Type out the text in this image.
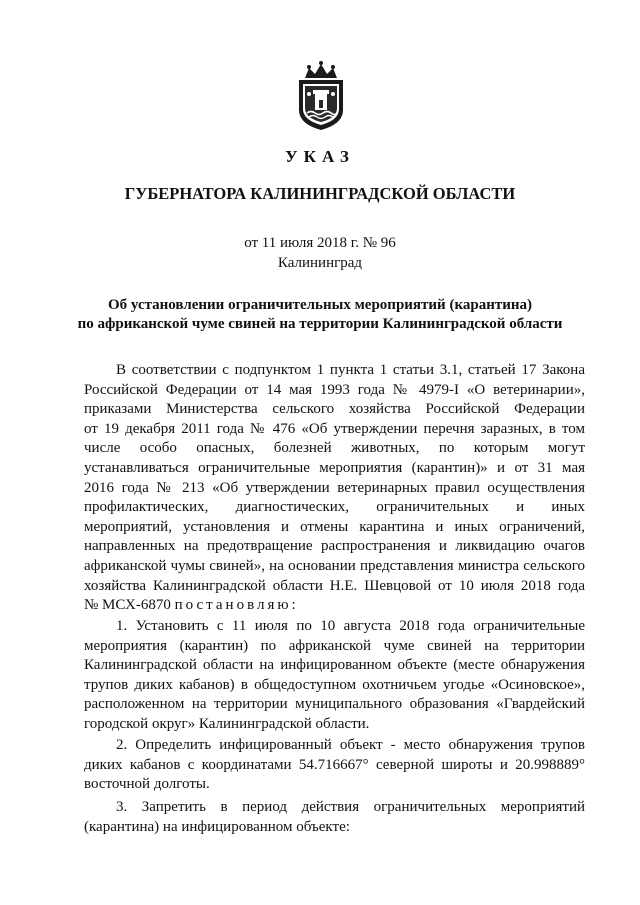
УКАЗ
ГУБЕРНАТОРА КАЛИНИНГРАДСКОЙ ОБЛАСТИ
от 11 июля 2018 г. № 96
Калининград
Об установлении ограничительных мероприятий (карантина)
по африканской чуме свиней на территории Калининградской области
В соответствии с подпунктом 1 пункта 1 статьи 3.1, статьей 17 Закона
Российской Федерации от 14 мая 1993 года № 4979-I «О ветеринарии»,
приказами Министерства сельского хозяйства Российской Федерации
от 19 декабря 2011 года № 476 «Об утверждении перечня заразных, в том
числе особо опасных, болезней животных, по которым могут
устанавливаться ограничительные мероприятия (карантин)» и от 31 мая
2016 года № 213 «Об утверждении ветеринарных правил осуществления
профилактических, диагностических, ограничительных и иных
мероприятий, установления и отмены карантина и иных ограничений,
направленных на предотвращение распространения и ликвидацию очагов
африканской чумы свиней», на основании представления министра сельского
хозяйства Калининградской области Н.Е. Шевцовой от 10 июля 2018 года
№ МСХ-6870 постановляю:
1. Установить с 11 июля по 10 августа 2018 года ограничительные
мероприятия (карантин) по африканской чуме свиней на территории
Калининградской области на инфицированном объекте (месте обнаружения
трупов диких кабанов) в общедоступном охотничьем угодье «Осиновское»,
расположенном на территории муниципального образования «Гвардейский
городской округ» Калининградской области.
2. Определить инфицированный объект - место обнаружения трупов
диких кабанов с координатами 54.716667° северной широты и 20.998889°
восточной долготы.
3. Запретить в период действия ограничительных мероприятий
(карантина) на инфицированном объекте:
